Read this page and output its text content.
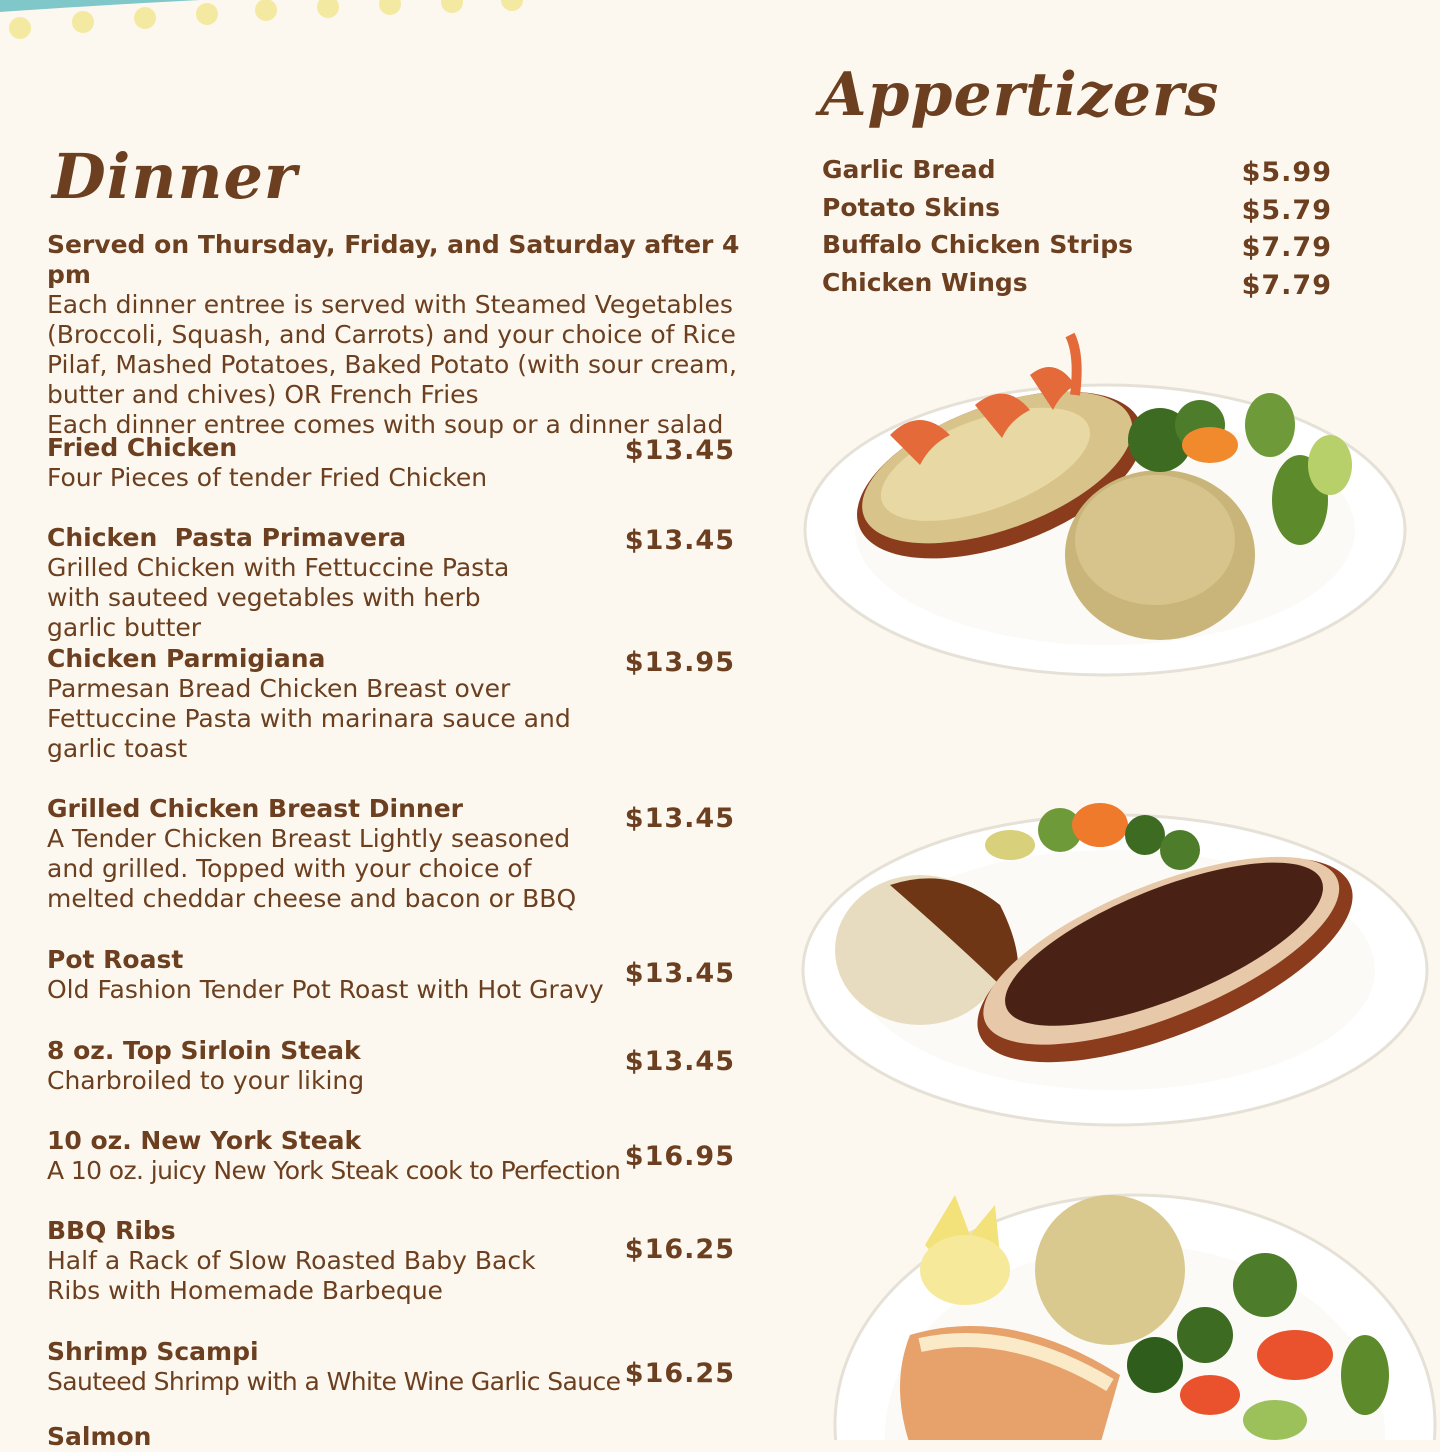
Dinner
Appertizers

Served on Thursday, Friday, and Saturday after 4 pm

Each dinner entree is served with Steamed Vegetables

(Broccoli, Squash, and Carrots) and your choice of Rice

Pilaf, Mashed Potatoes, Baked Potato (with sour cream,

butter and chives) OR French Fries

Each dinner entree comes with soup or a dinner salad

Fried Chicken
Four Pieces of tender Fried Chicken
$13.45
Chicken  Pasta Primavera
Grilled Chicken with Fettuccine Pasta with sauteed vegetables with herb garlic butter
$13.45
Chicken Parmigiana
Parmesan Bread Chicken Breast over Fettuccine Pasta with marinara sauce and garlic toast
$13.95
Grilled Chicken Breast Dinner
A Tender Chicken Breast Lightly seasoned and grilled. Topped with your choice of melted cheddar cheese and bacon or BBQ
$13.45
Pot Roast
Old Fashion Tender Pot Roast with Hot Gravy
$13.45
8 oz. Top Sirloin Steak
Charbroiled to your liking
$13.45
10 oz. New York Steak
A 10 oz. juicy New York Steak cook to Perfection $16.95
BBQ Ribs
Half a Rack of Slow Roasted Baby Back Ribs with Homemade Barbeque
$16.25
Shrimp Scampi
Sauteed Shrimp with a White Wine Garlic Sauce $16.25
Salmon
Garlic Bread	$5.99
Potato Skins	$5.79
Buffalo Chicken Strips	$7.79
Chicken Wings	$7.79
